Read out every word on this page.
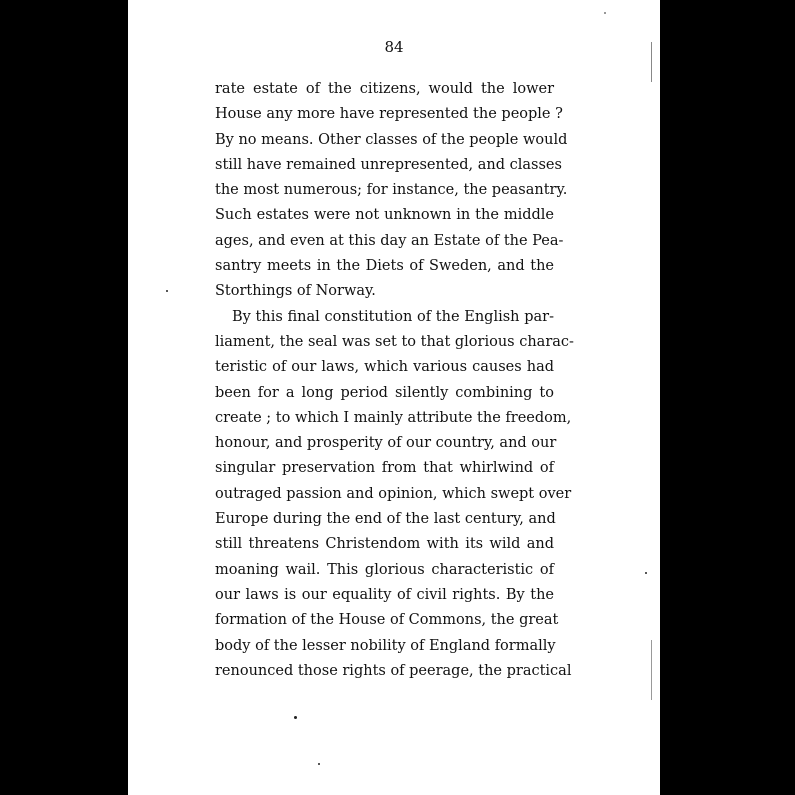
84
rate estate of the citizens, would the lower
House any more have represented the people ?
By no means. Other classes of the people would
still have remained unrepresented, and classes
the most numerous; for instance, the peasantry.
Such estates were not unknown in the middle
ages, and even at this day an Estate of the Pea-
santry meets in the Diets of Sweden, and the
Storthings of Norway.
By this final constitution of the English par-
liament, the seal was set to that glorious charac-
teristic of our laws, which various causes had
been for a long period silently combining to
create ; to which I mainly attribute the freedom,
honour, and prosperity of our country, and our
singular preservation from that whirlwind of
outraged passion and opinion, which swept over
Europe during the end of the last century, and
still threatens Christendom with its wild and
moaning wail. This glorious characteristic of
our laws is our equality of civil rights. By the
formation of the House of Commons, the great
body of the lesser nobility of England formally
renounced those rights of peerage, the practical
